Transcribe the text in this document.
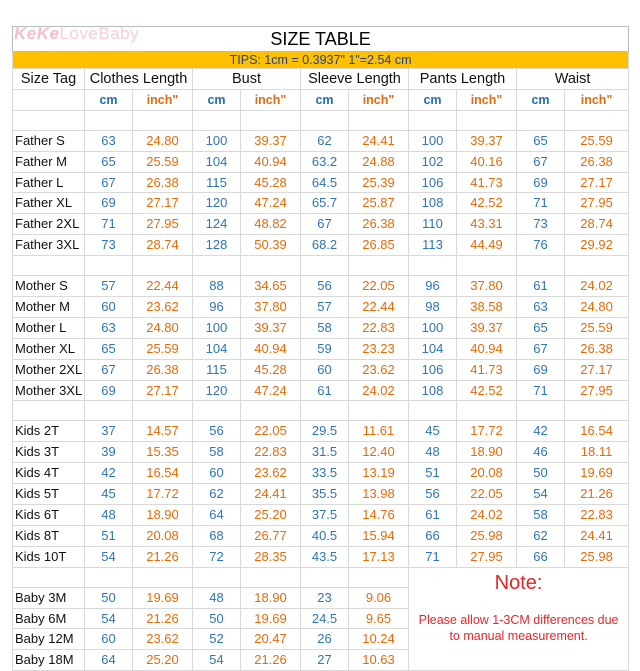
KeKeLoveBaby	SIZE TABLE										
TIPS: 1cm = 0.3937" 1"=2.54 cm										
Size Tag	Clothes Length		Bust		Sleeve Length		Pants Length		Waist	
	cm	inch"	cm	inch"	cm	inch"	cm	inch"	cm	inch"

Father S	63	24.80	100	39.37	62	24.41	100	39.37	65	25.59
Father M	65	25.59	104	40.94	63.2	24.88	102	40.16	67	26.38
Father L	67	26.38	115	45.28	64.5	25.39	106	41.73	69	27.17
Father XL	69	27.17	120	47.24	65.7	25.87	108	42.52	71	27.95
Father 2XL	71	27.95	124	48.82	67	26.38	110	43.31	73	28.74
Father 3XL	73	28.74	128	50.39	68.2	26.85	113	44.49	76	29.92

Mother S	57	22.44	88	34.65	56	22.05	96	37.80	61	24.02
Mother M	60	23.62	96	37.80	57	22.44	98	38.58	63	24.80
Mother L	63	24.80	100	39.37	58	22.83	100	39.37	65	25.59
Mother XL	65	25.59	104	40.94	59	23.23	104	40.94	67	26.38
Mother 2XL	67	26.38	115	45.28	60	23.62	106	41.73	69	27.17
Mother 3XL	69	27.17	120	47.24	61	24.02	108	42.52	71	27.95

Kids 2T	37	14.57	56	22.05	29.5	11.61	45	17.72	42	16.54
Kids 3T	39	15.35	58	22.83	31.5	12.40	48	18.90	46	18.11
Kids 4T	42	16.54	60	23.62	33.5	13.19	51	20.08	50	19.69
Kids 5T	45	17.72	62	24.41	35.5	13.98	56	22.05	54	21.26
Kids 6T	48	18.90	64	25.20	37.5	14.76	61	24.02	58	22.83
Kids 8T	51	20.08	68	26.77	40.5	15.94	66	25.98	62	24.41
Kids 10T	54	21.26	72	28.35	43.5	17.13	71	27.95	66	25.98

							Note:
Please allow 1-3CM differences due to manual measurement.			

Baby 3M	50	19.69	48	18.90	23	9.06				
Baby 6M	54	21.26	50	19.69	24.5	9.65				
Baby 12M	60	23.62	52	20.47	26	10.24				
Baby 18M	64	25.20	54	21.26	27	10.63				
